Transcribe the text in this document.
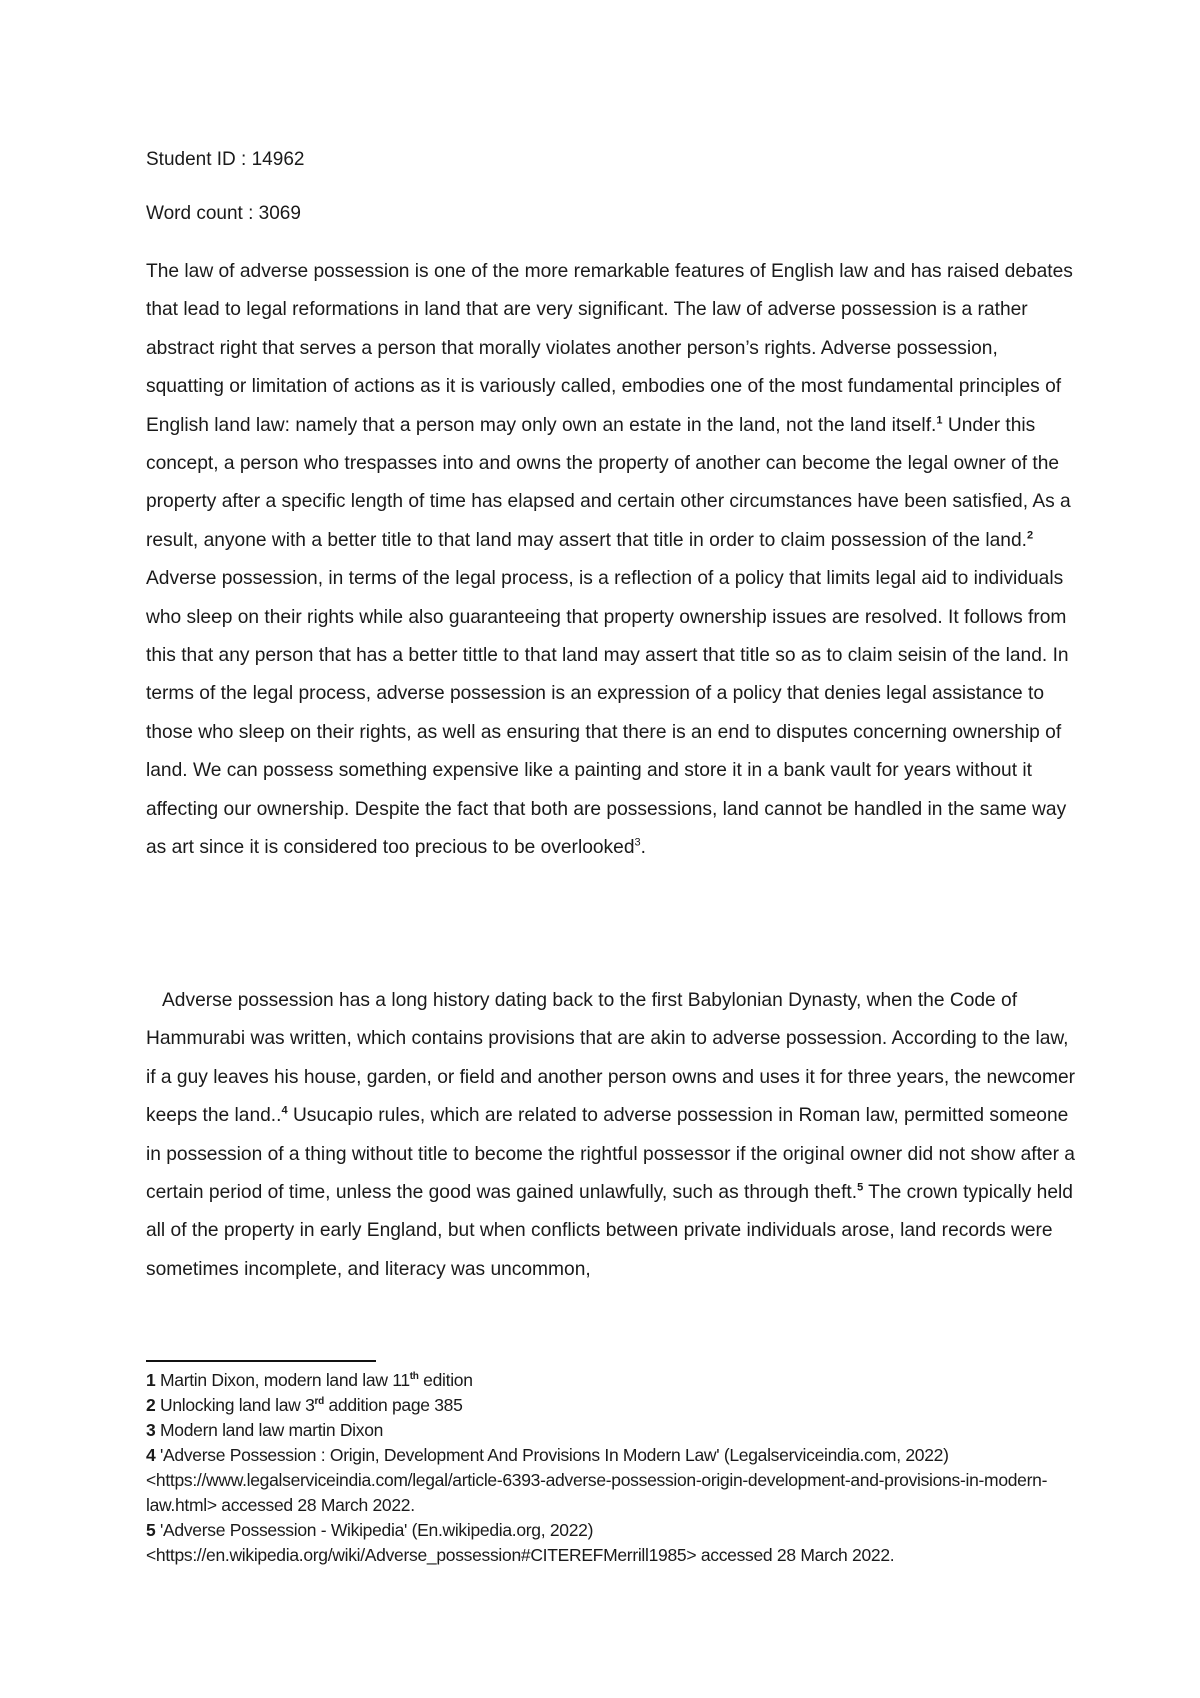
Student ID : 14962
Word count : 3069

The law of adverse possession is one of the more remarkable features of English law and has raised debates that lead to legal reformations in land that are very significant. The law of adverse possession is a rather abstract right that serves a person that morally violates another person’s rights. Adverse possession, squatting or limitation of actions as it is variously called, embodies one of the most fundamental principles of English land law: namely that a person may only own an estate in the land, not the land itself.$^1$ Under this concept, a person who trespasses into and owns the property of another can become the legal owner of the property after a specific length of time has elapsed and certain other circumstances have been satisfied, As a result, anyone with a better title to that land may assert that title in order to claim possession of the land.$^2$ Adverse possession, in terms of the legal process, is a reflection of a policy that limits legal aid to individuals who sleep on their rights while also guaranteeing that property ownership issues are resolved. It follows from this that any person that has a better tittle to that land may assert that title so as to claim seisin of the land. In terms of the legal process, adverse possession is an expression of a policy that denies legal assistance to those who sleep on their rights, as well as ensuring that there is an end to disputes concerning ownership of land. We can possess something expensive like a painting and store it in a bank vault for years without it affecting our ownership. Despite the fact that both are possessions, land cannot be handled in the same way as art since it is considered too precious to be overlooked$^3$.

Adverse possession has a long history dating back to the first Babylonian Dynasty, when the Code of Hammurabi was written, which contains provisions that are akin to adverse possession. According to the law, if a guy leaves his house, garden, or field and another person owns and uses it for three years, the newcomer keeps the land..$^4$ Usucapio rules, which are related to adverse possession in Roman law, permitted someone in possession of a thing without title to become the rightful possessor if the original owner did not show after a certain period of time, unless the good was gained unlawfully, such as through theft.$^5$ The crown typically held all of the property in early England, but when conflicts between private individuals arose, land records were sometimes incomplete, and literacy was uncommon,

1 Martin Dixon, modern land law 11th edition

2 Unlocking land law 3rd addition page 385

3 Modern land law martin Dixon

4 'Adverse Possession : Origin, Development And Provisions In Modern Law' (Legalserviceindia.com, 2022) <https://www.legalserviceindia.com/legal/article-6393-adverse-possession-origin-development-and-provisions-in-modern-law.html> accessed 28 March 2022.

5 'Adverse Possession - Wikipedia' (En.wikipedia.org, 2022) <https://en.wikipedia.org/wiki/Adverse_possession#CITEREFMerrill1985> accessed 28 March 2022.
